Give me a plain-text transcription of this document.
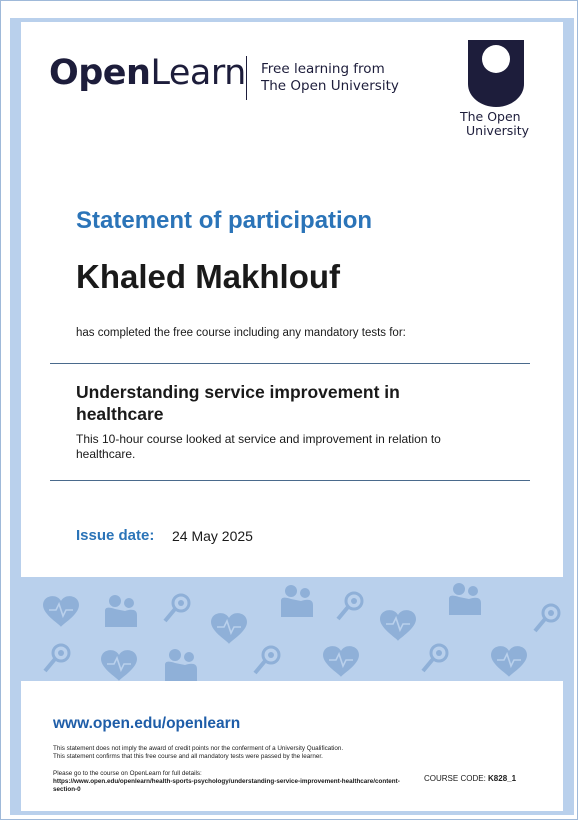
OpenLearn Free learning from
The Open University
The Open
University
Statement of participation
Khaled Makhlouf
has completed the free course including any mandatory tests for:
Understanding service improvement in healthcare
This 10-hour course looked at service and improvement in relation to healthcare.
Issue date: 24 May 2025
www.open.edu/openlearn
This statement does not imply the award of credit points nor the conferment of a University Qualification.
This statement confirms that this free course and all mandatory tests were passed by the learner.
Please go to the course on OpenLearn for full details:
https://www.open.edu/openlearn/health-sports-psychology/understanding-service-improvement-healthcare/content-section-0
COURSE CODE: K828_1
